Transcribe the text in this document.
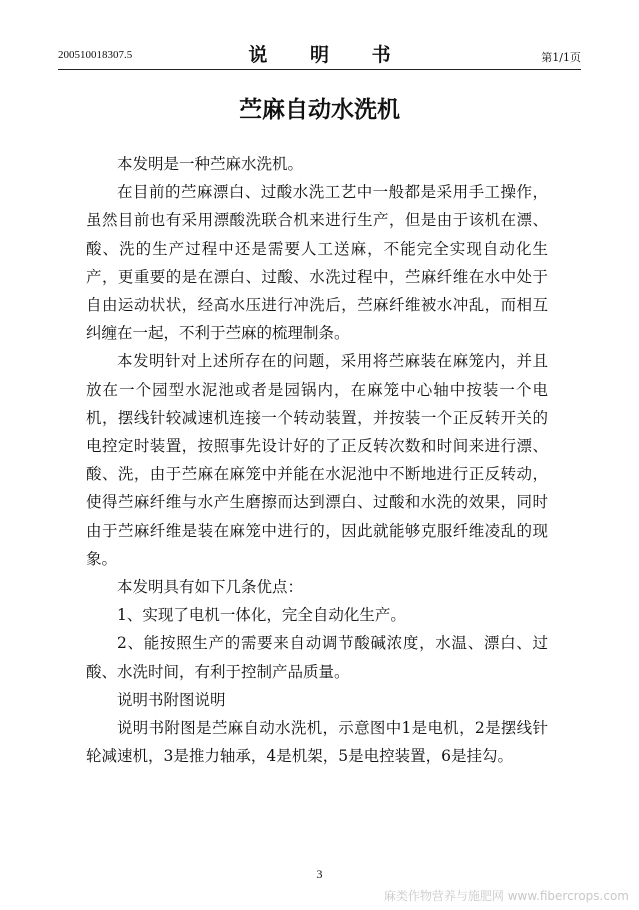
200510018307.5	说 明 书	第1/1页
苎麻自动水洗机

本发明是一种苎麻水洗机。

在目前的苎麻漂白、过酸水洗工艺中一般都是采用手工操作，虽然目前也有采用漂酸洗联合机来进行生产，但是由于该机在漂、酸、洗的生产过程中还是需要人工送麻，不能完全实现自动化生产，更重要的是在漂白、过酸、水洗过程中，苎麻纤维在水中处于自由运动状状，经高水压进行冲洗后，苎麻纤维被水冲乱，而相互纠缠在一起，不利于苎麻的梳理制条。

本发明针对上述所存在的问题，采用将苎麻装在麻笼内，并且放在一个园型水泥池或者是园锅内，在麻笼中心轴中按装一个电机，摆线针较减速机连接一个转动装置，并按装一个正反转开关的电控定时装置，按照事先设计好的了正反转次数和时间来进行漂、酸、洗，由于苎麻在麻笼中并能在水泥池中不断地进行正反转动，使得苎麻纤维与水产生磨擦而达到漂白、过酸和水洗的效果，同时由于苎麻纤维是装在麻笼中进行的，因此就能够克服纤维凌乱的现象。

本发明具有如下几条优点：

1、实现了电机一体化，完全自动化生产。

2、能按照生产的需要来自动调节酸碱浓度，水温、漂白、过酸、水洗时间，有利于控制产品质量。

说明书附图说明

说明书附图是苎麻自动水洗机，示意图中1是电机，2是摆线针轮减速机，3是推力轴承，4是机架，5是电控装置，6是挂勾。

3
麻类作物营养与施肥网 www.fibercrops.com
